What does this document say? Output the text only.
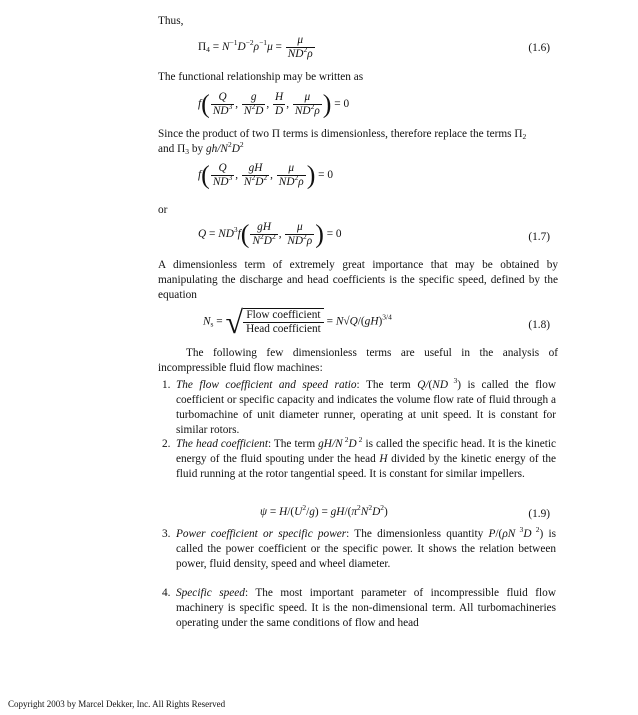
Thus,
$\Pi_4 = N^{-1}D^{-2}\rho^{-1}\mu = \frac{\mu}{ND^2\rho}$	(1.6)
The functional relationship may be written as
$f( \frac{Q}{ND^3}$ , $\frac{g}{N^2D}$ , $\frac{H}{D}$ , $\frac{\mu}{ND^2\rho}$ ) = 0
Since the product of two Π terms is dimensionless, therefore replace the terms $\Pi_2$
and $\Pi_3$ by $gh/N^2D^2$
$f( \frac{Q}{ND^3}$ , $\frac{gH}{N^2D^2}$ , $\frac{\mu}{ND^2\rho}$ ) = 0
or
$Q = ND^3f( \frac{gH}{N^2D^2}$ , $\frac{\mu}{ND^2\rho}$ ) = 0	(1.7)
A dimensionless term of extremely great importance that may be obtained by manipulating the discharge and head coefficients is the specific speed, defined by the equation
$N_s$ = √ Flow coefficient
Head coefficient
= N√Q/(gH)$^{3/4}$
(1.8)
The following few dimensionless terms are useful in the analysis of incompressible fluid flow machines:
1. The flow coefficient and speed ratio: The term Q/(ND $^3$) is called the flow coefficient or specific capacity and indicates the volume flow rate of fluid through a turbomachine of unit diameter runner, operating at unit speed. It is constant for similar rotors.
2. The head coefficient: The term gH/N $^2$D $^2$ is called the specific head. It is the kinetic energy of the fluid spouting under the head H divided by the kinetic energy of the fluid running at the rotor tangential speed. It is constant for similar impellers.
$\psi = H/(U^2/g) = gH/(\pi^2N^2D^2)$	(1.9)
3. Power coefficient or specific power: The dimensionless quantity P/(ρN $^3$D $^2$) is called the power coefficient or the specific power. It shows the relation between power, fluid density, speed and wheel diameter.
4. Specific speed: The most important parameter of incompressible fluid flow machinery is specific speed. It is the non-dimensional term. All turbomachineries operating under the same conditions of flow and head
Copyright 2003 by Marcel Dekker, Inc. All Rights Reserved
